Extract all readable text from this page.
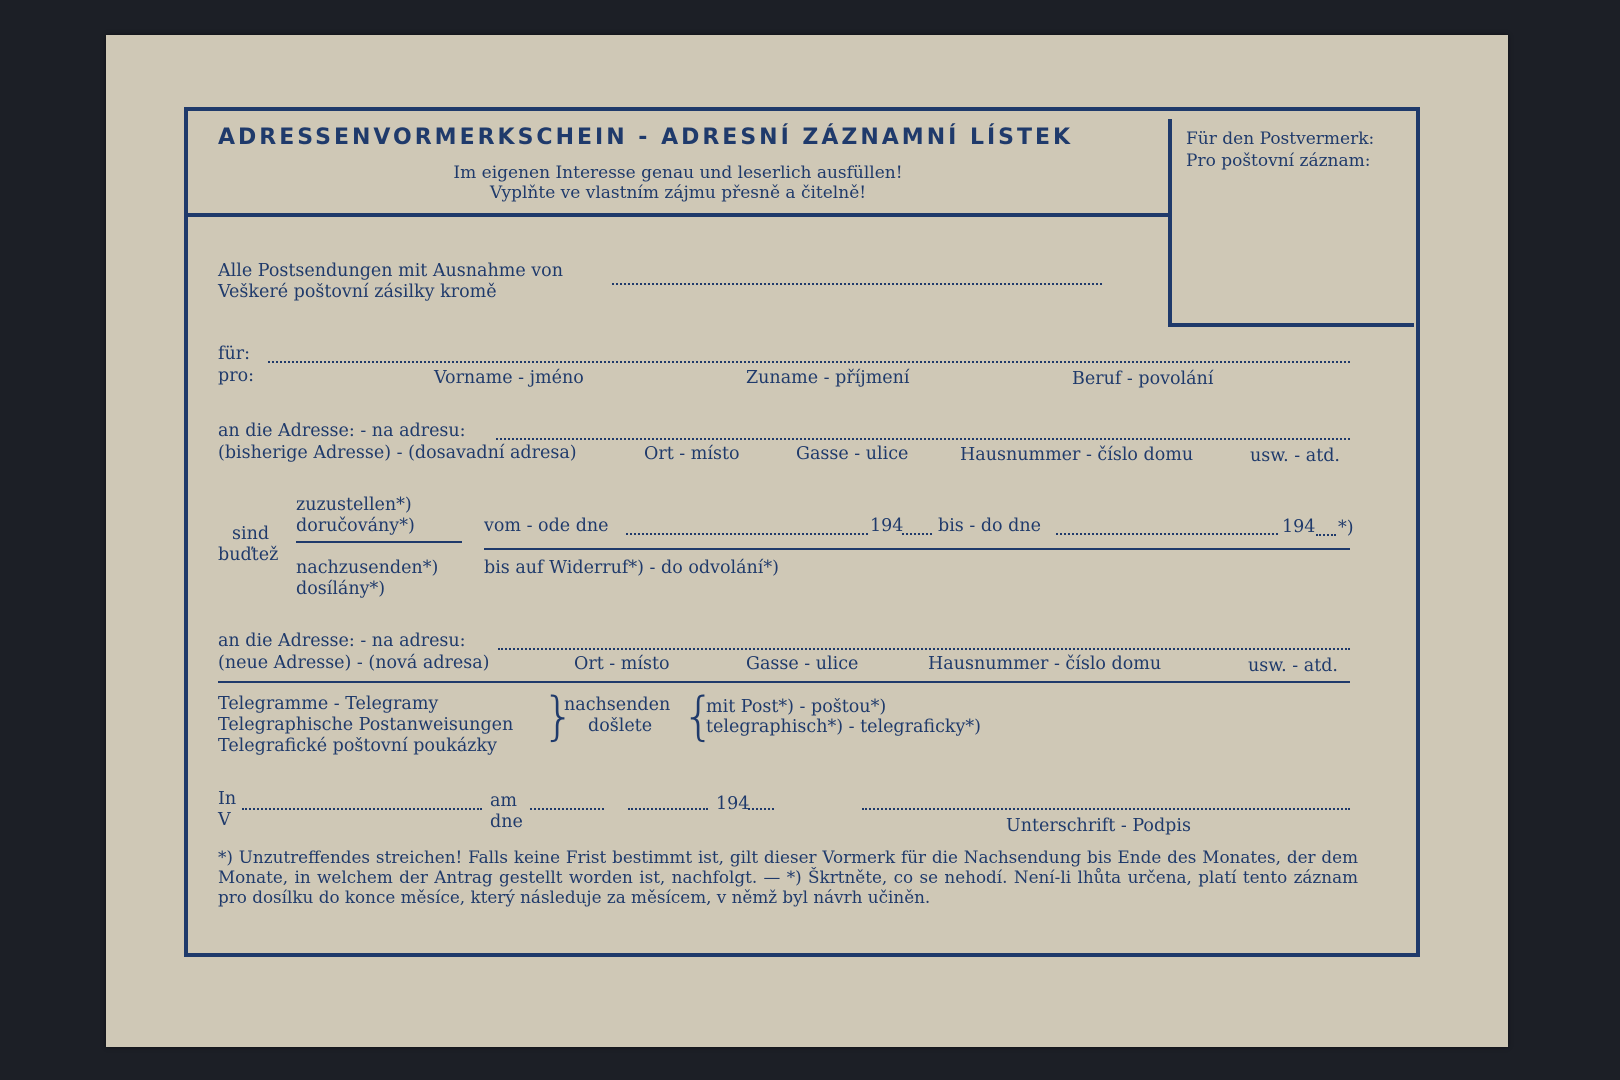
ADRESSENVORMERKSCHEIN - ADRESNÍ ZÁZNAMNÍ LÍSTEK
Im eigenen Interesse genau und leserlich ausfüllen!
Vyplňte ve vlastním zájmu přesně a čitelně!
Für den Postvermerk:
Pro poštovní záznam:
Alle Postsendungen mit Ausnahme von
Veškeré poštovní zásilky kromě
für:
pro:	Vorname - jméno	Zuname - příjmení	Beruf - povolání
an die Adresse: - na adresu:
(bisherige Adresse) - (dosavadní adresa)	Ort - místo	Gasse - ulice	Hausnummer - číslo domu	usw. - atd.
sind
buďtež
zuzustellen*)
doručovány*)
nachzusenden*)
dosílány*)
vom - ode dne	194 bis - do dne	194 *)
bis auf Widerruf*) - do odvolání*)
an die Adresse: - na adresu:
(neue Adresse) - (nová adresa)	Ort - místo	Gasse - ulice	Hausnummer - číslo domu	usw. - atd.
Telegramme - Telegramy
Telegraphische Postanweisungen
Telegrafické poštovní poukázky }
nachsenden
došlete {
mit Post*) - poštou*)
telegraphisch*) - telegraficky*)
In
V
am
dne
194
Unterschrift - Podpis
*) Unzutreffendes streichen! Falls keine Frist bestimmt ist, gilt dieser Vormerk für die Nachsendung bis Ende des Monates, der dem Monate, in welchem der Antrag gestellt worden ist, nachfolgt. — *) Škrtněte, co se nehodí. Není-li lhůta určena, platí tento záznam pro dosílku do konce měsíce, který následuje za měsícem, v němž byl návrh učiněn.
